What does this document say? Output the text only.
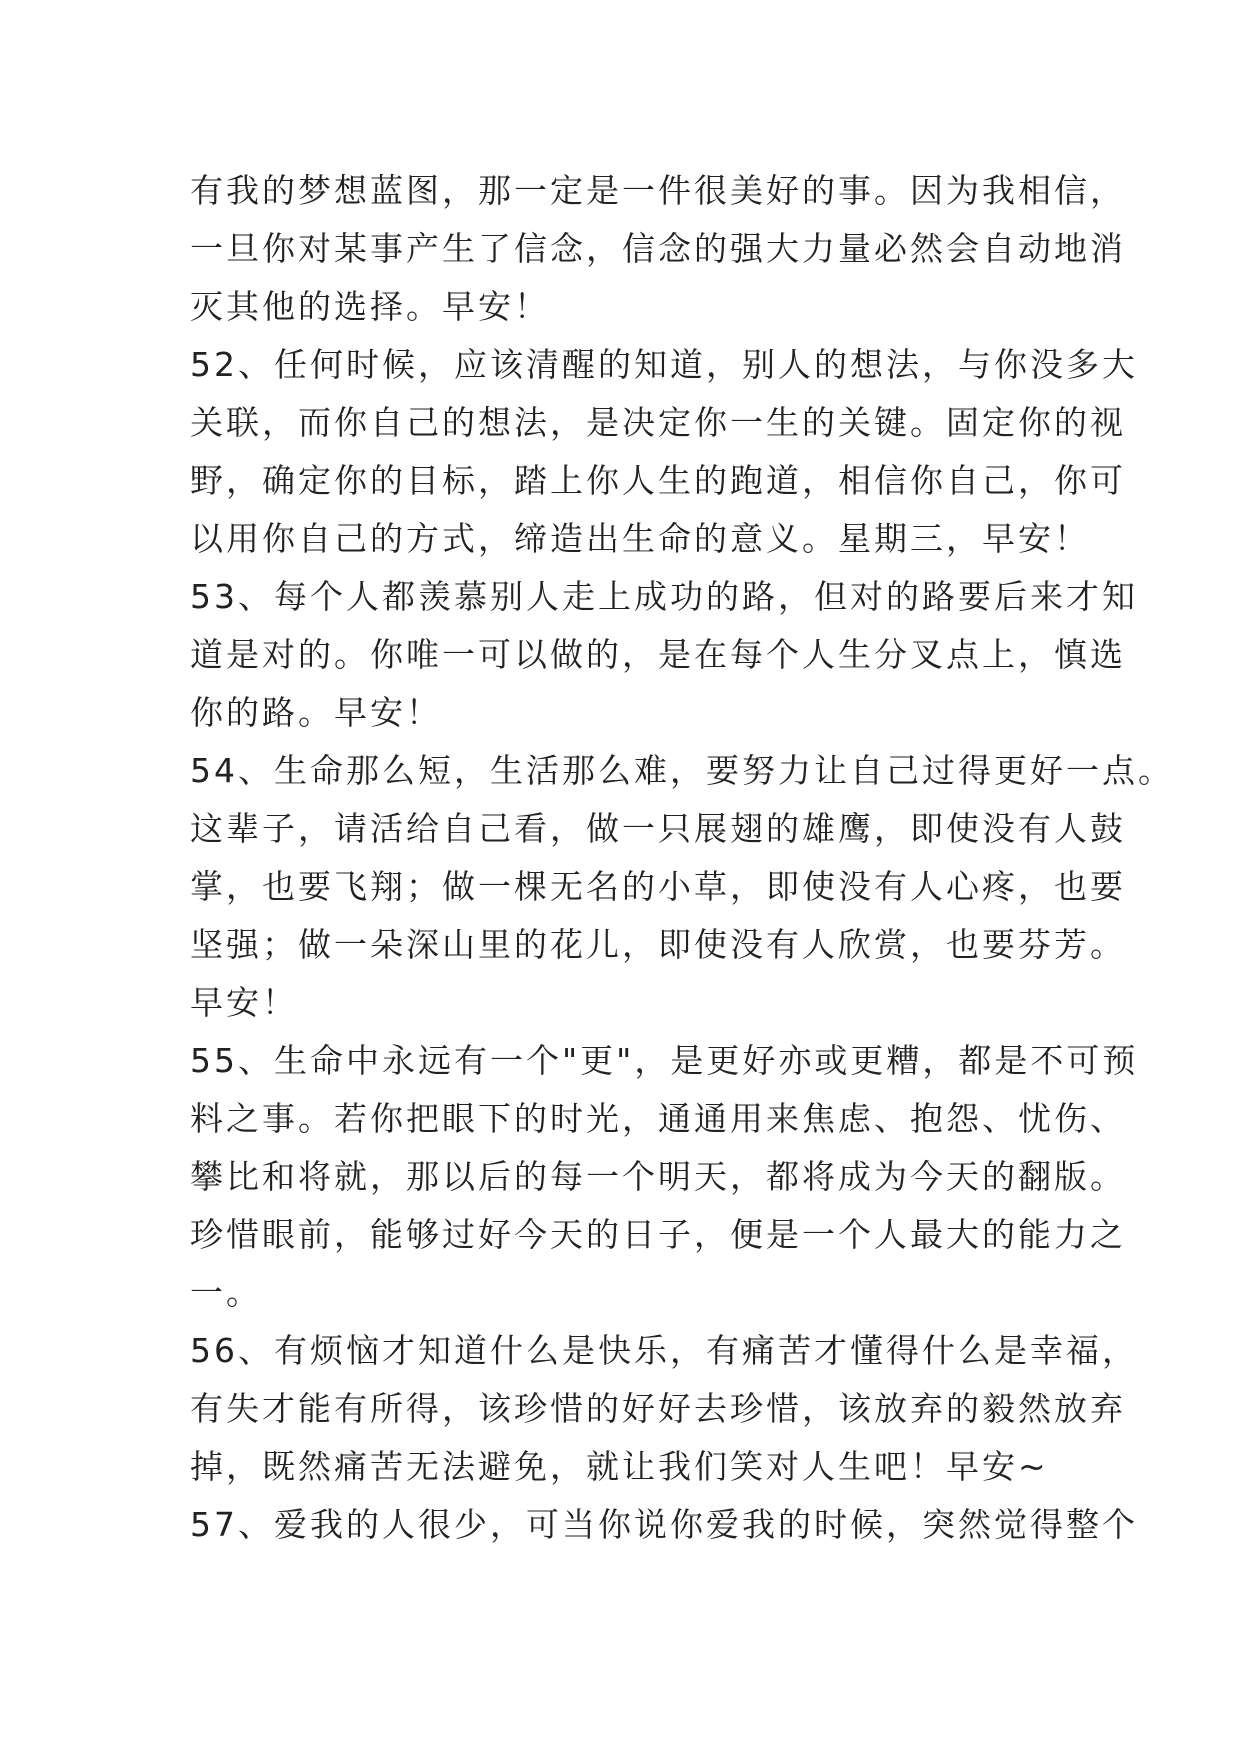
有我的梦想蓝图，那一定是一件很美好的事。因为我相信，
一旦你对某事产生了信念，信念的强大力量必然会自动地消
灭其他的选择。早安！
52、任何时候，应该清醒的知道，别人的想法，与你没多大
关联，而你自己的想法，是决定你一生的关键。固定你的视
野，确定你的目标，踏上你人生的跑道，相信你自己，你可
以用你自己的方式，缔造出生命的意义。星期三，早安！
53、每个人都羡慕别人走上成功的路，但对的路要后来才知
道是对的。你唯一可以做的，是在每个人生分叉点上，慎选
你的路。早安！
54、生命那么短，生活那么难，要努力让自己过得更好一点。
这辈子，请活给自己看，做一只展翅的雄鹰，即使没有人鼓
掌，也要飞翔；做一棵无名的小草，即使没有人心疼，也要
坚强；做一朵深山里的花儿，即使没有人欣赏，也要芬芳。
早安！
55、生命中永远有一个"更"，是更好亦或更糟，都是不可预
料之事。若你把眼下的时光，通通用来焦虑、抱怨、忧伤、
攀比和将就，那以后的每一个明天，都将成为今天的翻版。
珍惜眼前，能够过好今天的日子，便是一个人最大的能力之
一。
56、有烦恼才知道什么是快乐，有痛苦才懂得什么是幸福，
有失才能有所得，该珍惜的好好去珍惜，该放弃的毅然放弃
掉，既然痛苦无法避免，就让我们笑对人生吧！早安~
57、爱我的人很少，可当你说你爱我的时候，突然觉得整个
